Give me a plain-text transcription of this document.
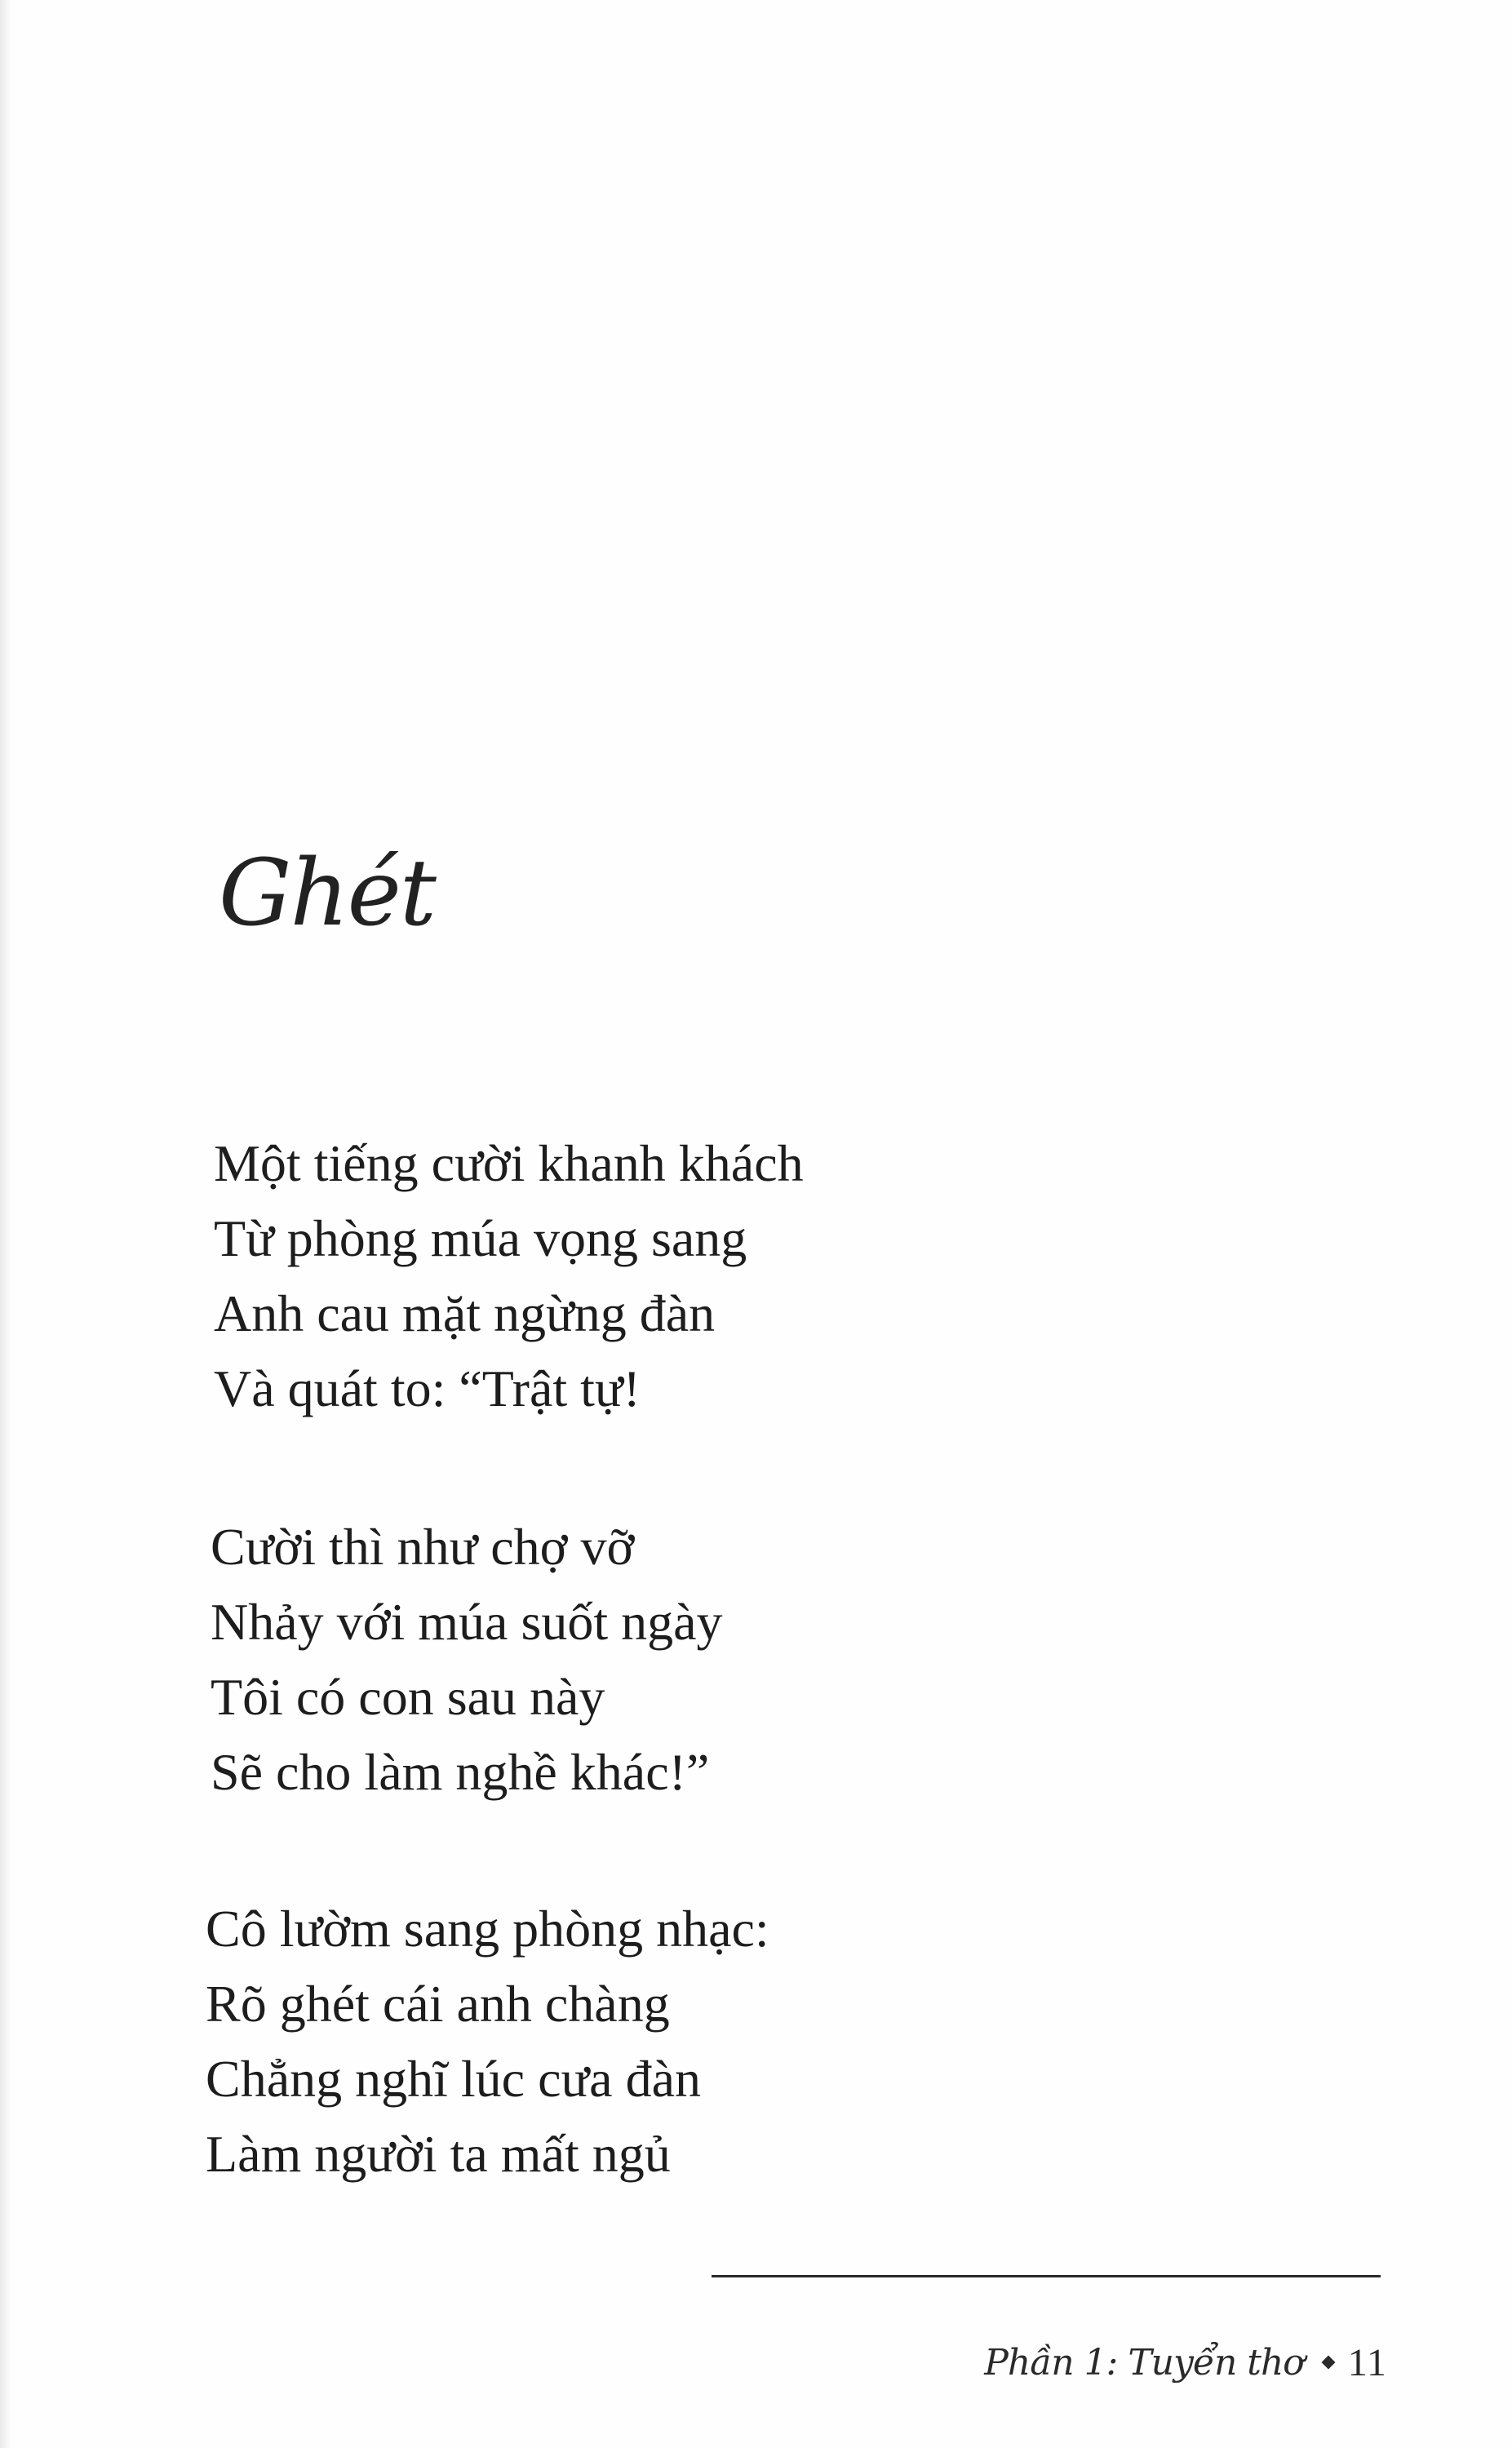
Ghét
Một tiếng cười khanh khách
Từ phòng múa vọng sang
Anh cau mặt ngừng đàn
Và quát to: “Trật tự!
Cười thì như chợ vỡ
Nhảy với múa suốt ngày
Tôi có con sau này
Sẽ cho làm nghề khác!”
Cô lườm sang phòng nhạc:
Rõ ghét cái anh chàng
Chẳng nghĩ lúc cưa đàn
Làm người ta mất ngủ
Phần 1: Tuyển thơ 11
